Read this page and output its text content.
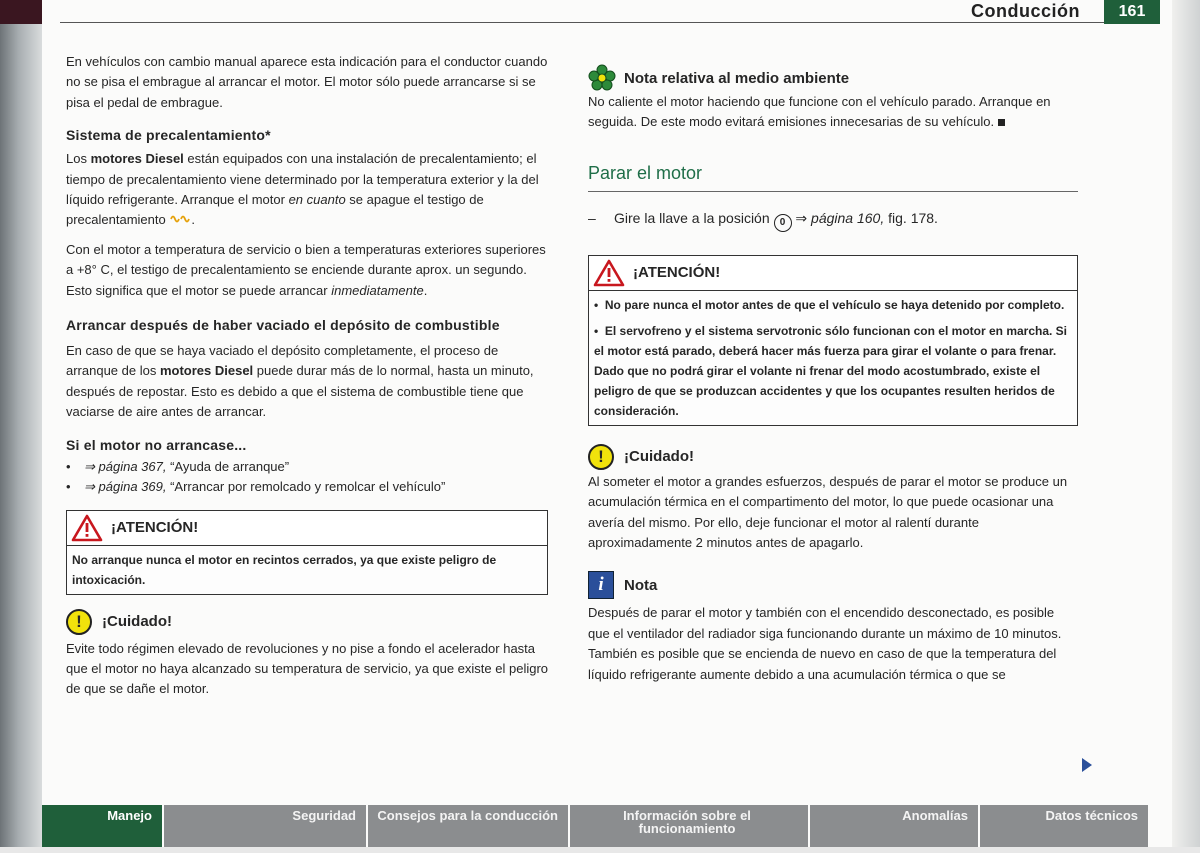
Conducción	161

En vehículos con cambio manual aparece esta indicación para el conductor cuando no se pisa el embrague al arrancar el motor. El motor sólo puede arrancarse si se pisa el pedal de embrague.

Sistema de precalentamiento*

Los motores Diesel están equipados con una instalación de precalentamiento; el tiempo de precalentamiento viene determinado por la temperatura exterior y la del líquido refrigerante. Arranque el motor en cuanto se apague el testigo de precalentamiento .

Con el motor a temperatura de servicio o bien a temperaturas exteriores superiores a +8° C, el testigo de precalentamiento se enciende durante aprox. un segundo. Esto significa que el motor se puede arrancar inmediatamente.

Arrancar después de haber vaciado el depósito de combustible

En caso de que se haya vaciado el depósito completamente, el proceso de arranque de los motores Diesel puede durar más de lo normal, hasta un minuto, después de repostar. Esto es debido a que el sistema de combustible tiene que vaciarse de aire antes de arrancar.

Si el motor no arrancase...
•	⇒ página 367, “Ayuda de arranque”
•	⇒ página 369, “Arrancar por remolcado y remolcar el vehículo”
¡ATENCIÓN!

No arranque nunca el motor en recintos cerrados, ya que existe peligro de intoxicación.

!	¡Cuidado!

Evite todo régimen elevado de revoluciones y no pise a fondo el acelerador hasta que el motor no haya alcanzado su temperatura de servicio, ya que existe el peligro de que se dañe el motor.

Nota relativa al medio ambiente

No caliente el motor haciendo que funcione con el vehículo parado. Arranque en seguida. De este modo evitará emisiones innecesarias de su vehículo.

Parar el motor
–	Gire la llave a la posición 0 ⇒ página 160, fig. 178.
¡ATENCIÓN!

•  No pare nunca el motor antes de que el vehículo se haya detenido por completo.

•  El servofreno y el sistema servotronic sólo funcionan con el motor en marcha. Si el motor está parado, deberá hacer más fuerza para girar el volante o para frenar. Dado que no podrá girar el volante ni frenar del modo acostumbrado, existe el peligro de que se produzcan accidentes y que los ocupantes resulten heridos de consideración.

!	¡Cuidado!

Al someter el motor a grandes esfuerzos, después de parar el motor se produce un acumulación térmica en el compartimento del motor, lo que puede ocasionar una avería del mismo. Por ello, deje funcionar el motor al ralentí durante aproximadamente 2 minutos antes de apagarlo.

i	Nota

Después de parar el motor y también con el encendido desconectado, es posible que el ventilador del radiador siga funcionando durante un máximo de 10 minutos. También es posible que se encienda de nuevo en caso de que la temperatura del líquido refrigerante aumente debido a una acumulación térmica o que se

Manejo	Seguridad	Consejos para la conducción	Información sobre el funcionamiento
Anomalías	Datos técnicos
